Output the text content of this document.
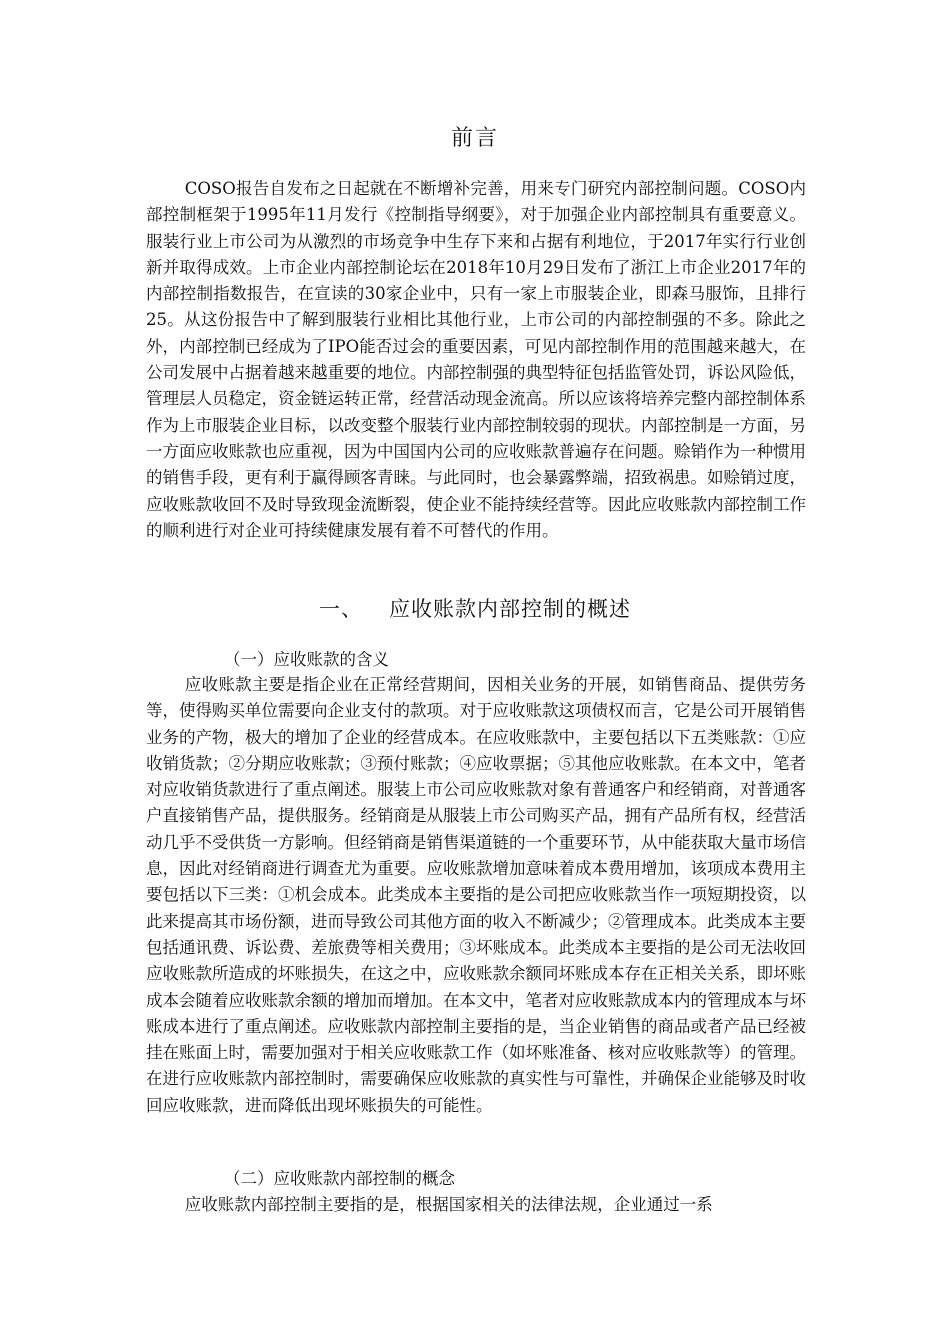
前言

COSO报告自发布之日起就在不断增补完善，用来专门研究内部控制问题。COSO内部控制框架于1995年11月发行《控制指导纲要》，对于加强企业内部控制具有重要意义。服装行业上市公司为从激烈的市场竞争中生存下来和占据有利地位，于2017年实行行业创新并取得成效。上市企业内部控制论坛在2018年10月29日发布了浙江上市企业2017年的内部控制指数报告，在宣读的30家企业中，只有一家上市服装企业，即森马服饰，且排行25。从这份报告中了解到服装行业相比其他行业，上市公司的内部控制强的不多。除此之外，内部控制已经成为了IPO能否过会的重要因素，可见内部控制作用的范围越来越大，在公司发展中占据着越来越重要的地位。内部控制强的典型特征包括监管处罚，诉讼风险低，管理层人员稳定，资金链运转正常，经营活动现金流高。所以应该将培养完整内部控制体系作为上市服装企业目标，以改变整个服装行业内部控制较弱的现状。内部控制是一方面，另一方面应收账款也应重视，因为中国国内公司的应收账款普遍存在问题。赊销作为一种惯用的销售手段，更有利于赢得顾客青睐。与此同时，也会暴露弊端，招致祸患。如赊销过度，应收账款收回不及时导致现金流断裂，使企业不能持续经营等。因此应收账款内部控制工作的顺利进行对企业可持续健康发展有着不可替代的作用。

一、 应收账款内部控制的概述
（一）应收账款的含义

应收账款主要是指企业在正常经营期间，因相关业务的开展，如销售商品、提供劳务等，使得购买单位需要向企业支付的款项。对于应收账款这项债权而言，它是公司开展销售业务的产物，极大的增加了企业的经营成本。在应收账款中，主要包括以下五类账款：①应收销货款；②分期应收账款；③预付账款；④应收票据；⑤其他应收账款。在本文中，笔者对应收销货款进行了重点阐述。服装上市公司应收账款对象有普通客户和经销商，对普通客户直接销售产品，提供服务。经销商是从服装上市公司购买产品，拥有产品所有权，经营活动几乎不受供货一方影响。但经销商是销售渠道链的一个重要环节，从中能获取大量市场信息，因此对经销商进行调查尤为重要。应收账款增加意味着成本费用增加，该项成本费用主要包括以下三类：①机会成本。此类成本主要指的是公司把应收账款当作一项短期投资，以此来提高其市场份额，进而导致公司其他方面的收入不断减少；②管理成本。此类成本主要包括通讯费、诉讼费、差旅费等相关费用；③坏账成本。此类成本主要指的是公司无法收回应收账款所造成的坏账损失，在这之中，应收账款余额同坏账成本存在正相关关系，即坏账成本会随着应收账款余额的增加而增加。在本文中，笔者对应收账款成本内的管理成本与坏账成本进行了重点阐述。应收账款内部控制主要指的是，当企业销售的商品或者产品已经被挂在账面上时，需要加强对于相关应收账款工作（如坏账准备、核对应收账款等）的管理。在进行应收账款内部控制时，需要确保应收账款的真实性与可靠性，并确保企业能够及时收回应收账款，进而降低出现坏账损失的可能性。

（二）应收账款内部控制的概念

应收账款内部控制主要指的是，根据国家相关的法律法规，企业通过一系
